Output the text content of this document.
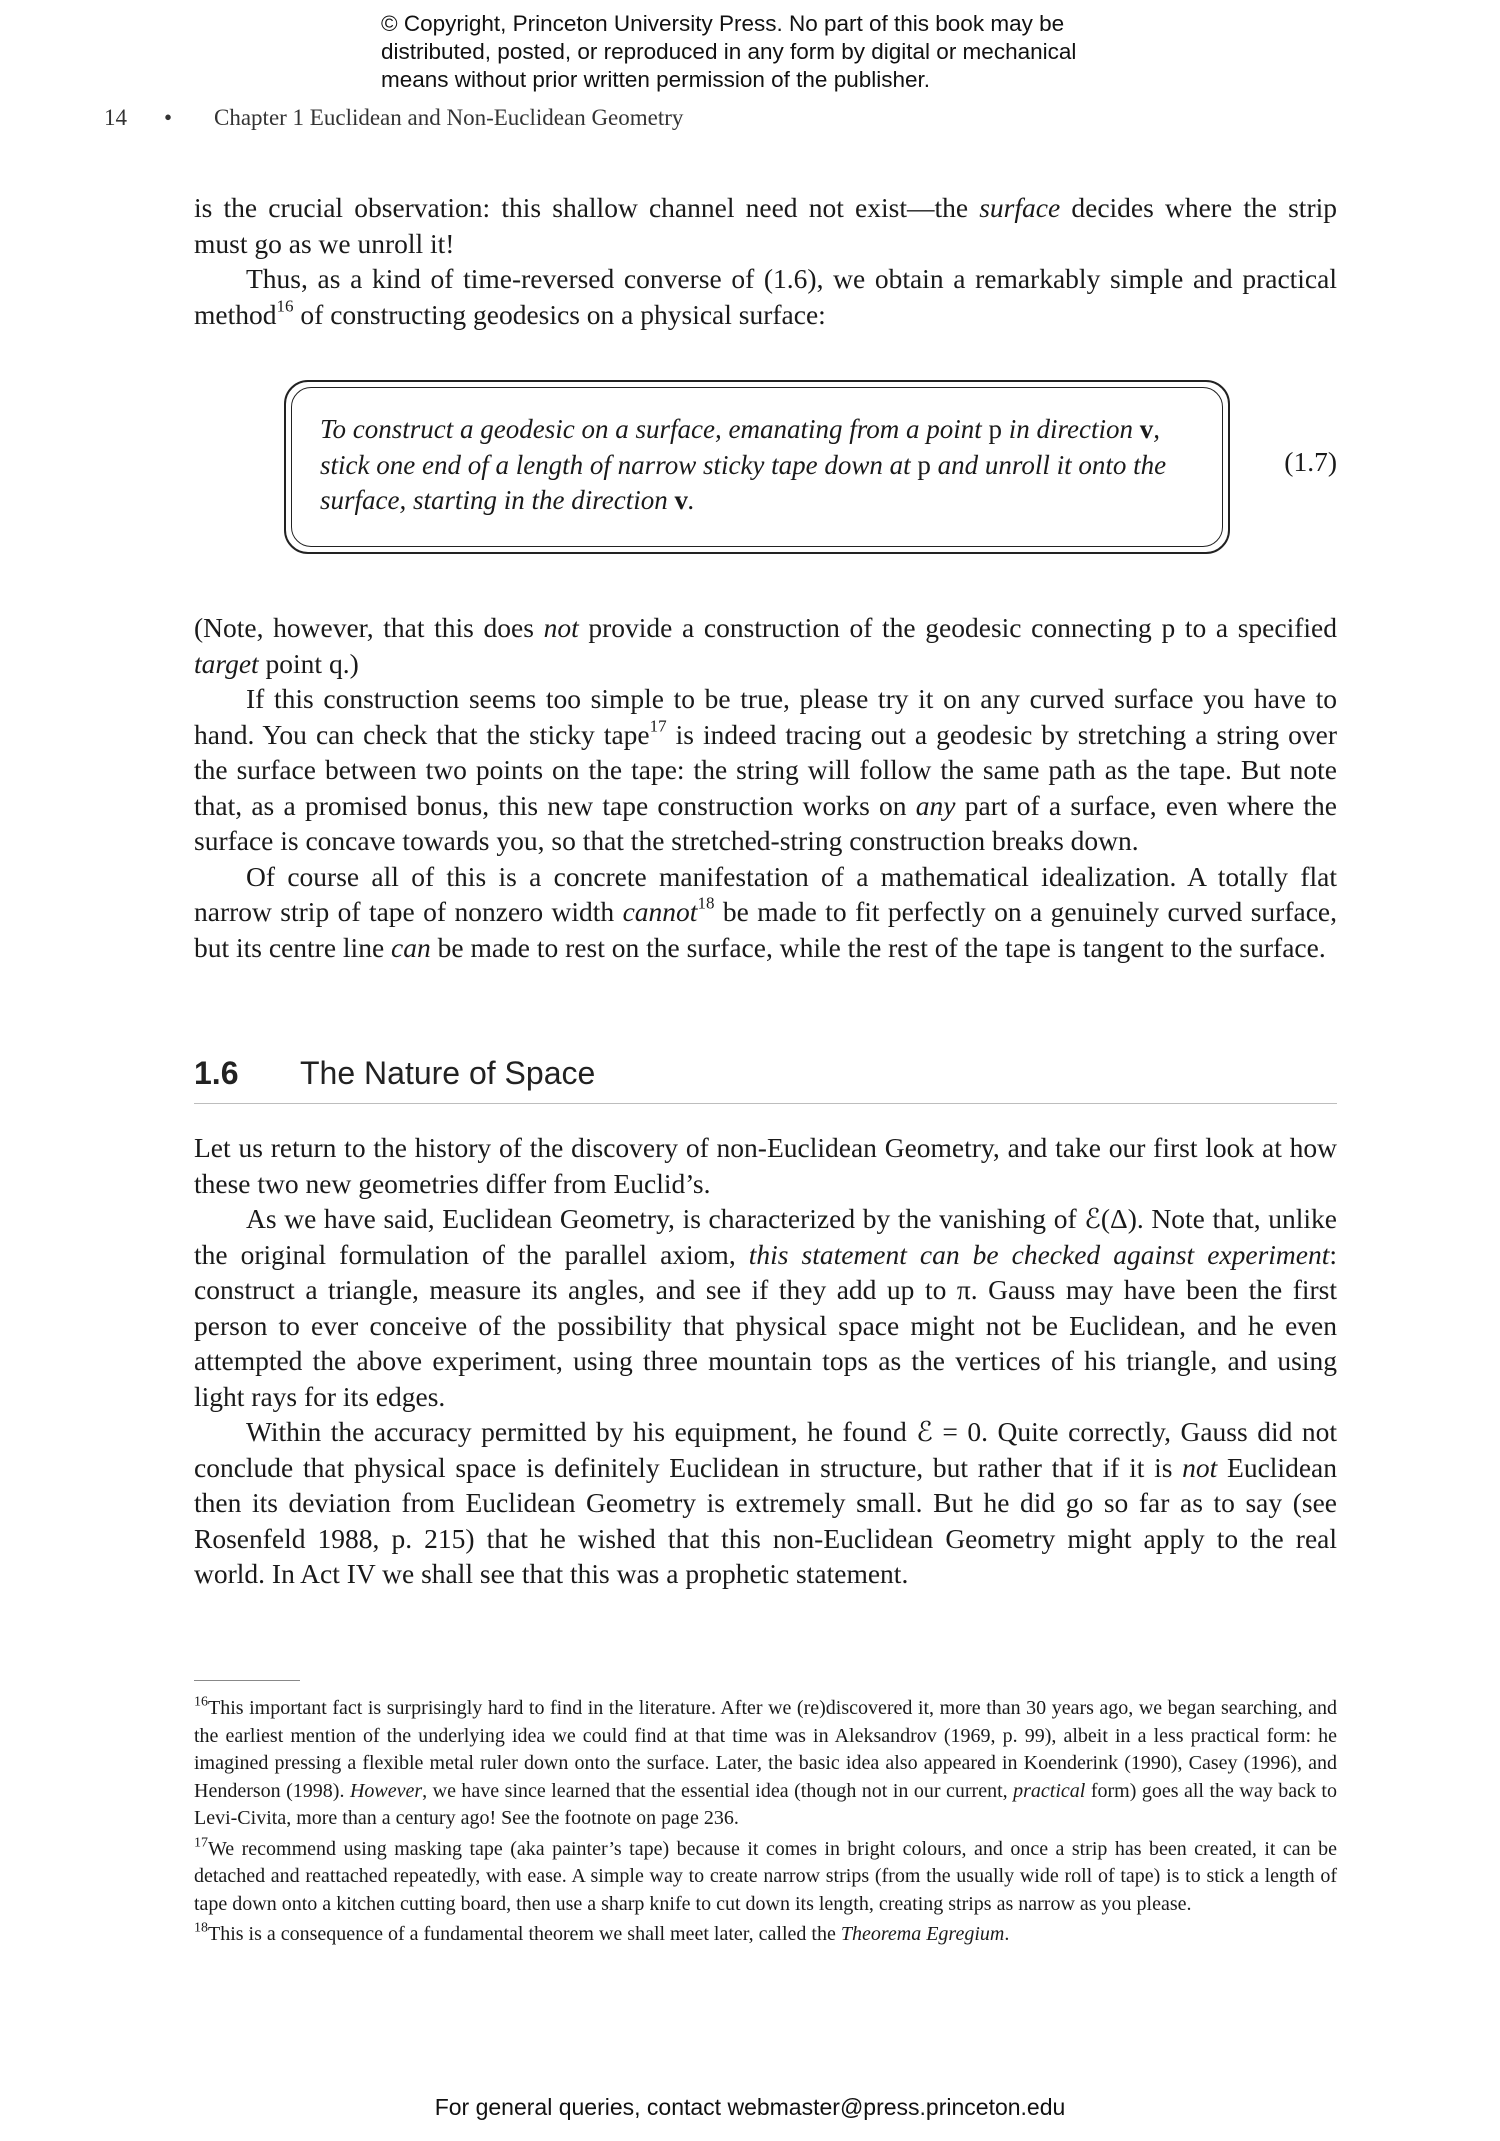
© Copyright, Princeton University Press. No part of this book may be
distributed, posted, or reproduced in any form by digital or mechanical
means without prior written permission of the publisher.
14 • Chapter 1 Euclidean and Non-Euclidean Geometry

is the crucial observation: this shallow channel need not exist—the surface decides where the strip must go as we unroll it!

Thus, as a kind of time-reversed converse of (1.6), we obtain a remarkably simple and practical method$^{16}$ of constructing geodesics on a physical surface:

To construct a geodesic on a surface, emanating from a point p in direction v, stick one end of a length of narrow sticky tape down at p and unroll it onto the surface, starting in the direction v.
(1.7)

(Note, however, that this does not provide a construction of the geodesic connecting p to a specified target point q.)

If this construction seems too simple to be true, please try it on any curved surface you have to hand. You can check that the sticky tape$^{17}$ is indeed tracing out a geodesic by stretching a string over the surface between two points on the tape: the string will follow the same path as the tape. But note that, as a promised bonus, this new tape construction works on any part of a surface, even where the surface is concave towards you, so that the stretched-string construction breaks down.

Of course all of this is a concrete manifestation of a mathematical idealization. A totally flat narrow strip of tape of nonzero width cannot$^{18}$ be made to fit perfectly on a genuinely curved surface, but its centre line can be made to rest on the surface, while the rest of the tape is tangent to the surface.

1.6 The Nature of Space

Let us return to the history of the discovery of non-Euclidean Geometry, and take our first look at how these two new geometries differ from Euclid’s.

As we have said, Euclidean Geometry, is characterized by the vanishing of ℰ(Δ). Note that, unlike the original formulation of the parallel axiom, this statement can be checked against experiment: construct a triangle, measure its angles, and see if they add up to π. Gauss may have been the first person to ever conceive of the possibility that physical space might not be Euclidean, and he even attempted the above experiment, using three mountain tops as the vertices of his triangle, and using light rays for its edges.

Within the accuracy permitted by his equipment, he found ℰ = 0. Quite correctly, Gauss did not conclude that physical space is definitely Euclidean in structure, but rather that if it is not Euclidean then its deviation from Euclidean Geometry is extremely small. But he did go so far as to say (see Rosenfeld 1988, p. 215) that he wished that this non-Euclidean Geometry might apply to the real world. In Act IV we shall see that this was a prophetic statement.

$^{16}$This important fact is surprisingly hard to find in the literature. After we (re)discovered it, more than 30 years ago, we began searching, and the earliest mention of the underlying idea we could find at that time was in Aleksandrov (1969, p. 99), albeit in a less practical form: he imagined pressing a flexible metal ruler down onto the surface. Later, the basic idea also appeared in Koenderink (1990), Casey (1996), and Henderson (1998). However, we have since learned that the essential idea (though not in our current, practical form) goes all the way back to Levi-Civita, more than a century ago! See the footnote on page 236.

$^{17}$We recommend using masking tape (aka painter’s tape) because it comes in bright colours, and once a strip has been created, it can be detached and reattached repeatedly, with ease. A simple way to create narrow strips (from the usually wide roll of tape) is to stick a length of tape down onto a kitchen cutting board, then use a sharp knife to cut down its length, creating strips as narrow as you please.

$^{18}$This is a consequence of a fundamental theorem we shall meet later, called the Theorema Egregium.

For general queries, contact webmaster@press.princeton.edu
